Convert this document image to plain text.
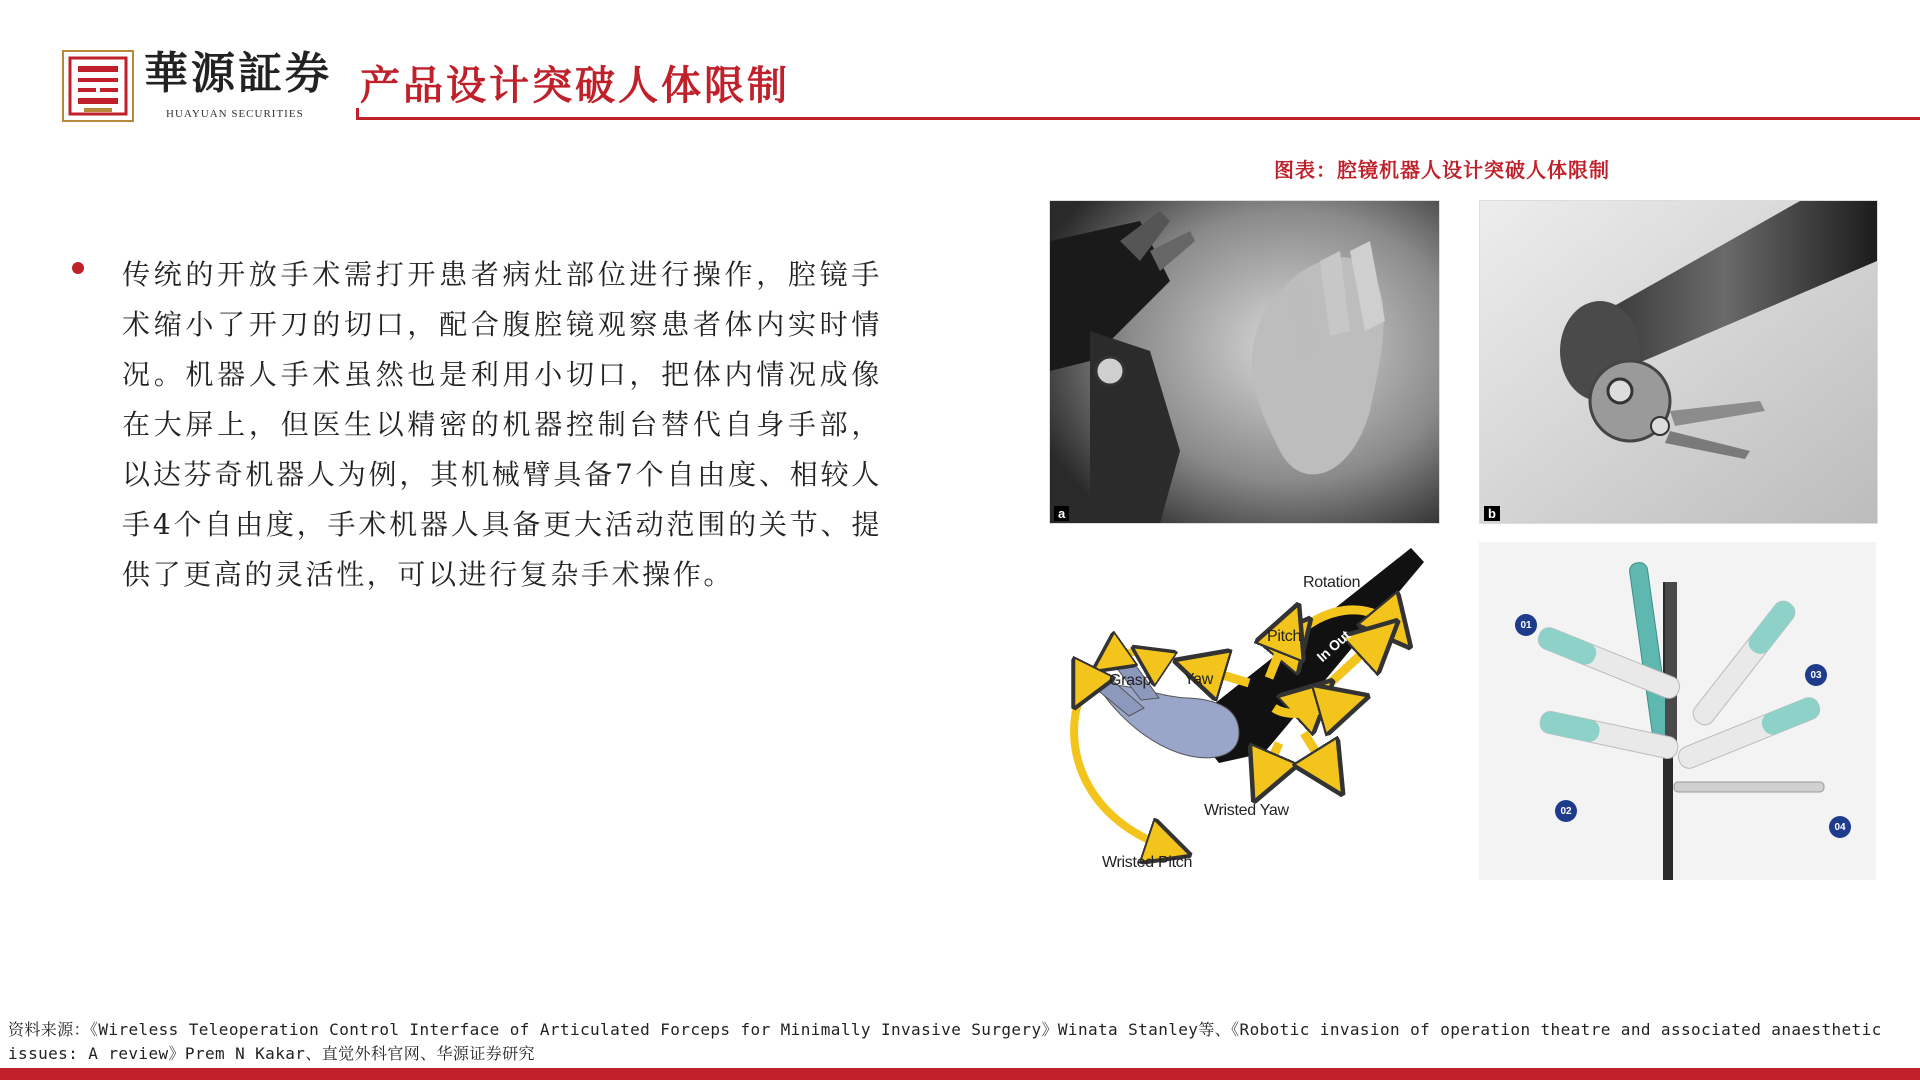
華源証券
HUAYUAN SECURITIES
产品设计突破人体限制
图表：腔镜机器人设计突破人体限制
传统的开放手术需打开患者病灶部位进行操作，腔镜手术缩小了开刀的切口，配合腹腔镜观察患者体内实时情况。机器人手术虽然也是利用小切口，把体内情况成像在大屏上，但医生以精密的机器控制台替代自身手部，以达芬奇机器人为例，其机械臂具备7个自由度、相较人手4个自由度，手术机器人具备更大活动范围的关节、提供了更高的灵活性，可以进行复杂手术操作。
a	b
Rotation
Pitch In Out
Grasp Yaw
Wristed Yaw
Wristed Pitch
01
02
03
04
资料来源：《Wireless Teleoperation Control Interface of Articulated Forceps for Minimally Invasive Surgery》Winata Stanley等、《Robotic invasion of operation theatre and associated anaesthetic issues: A review》Prem N Kakar、直觉外科官网、华源证券研究
